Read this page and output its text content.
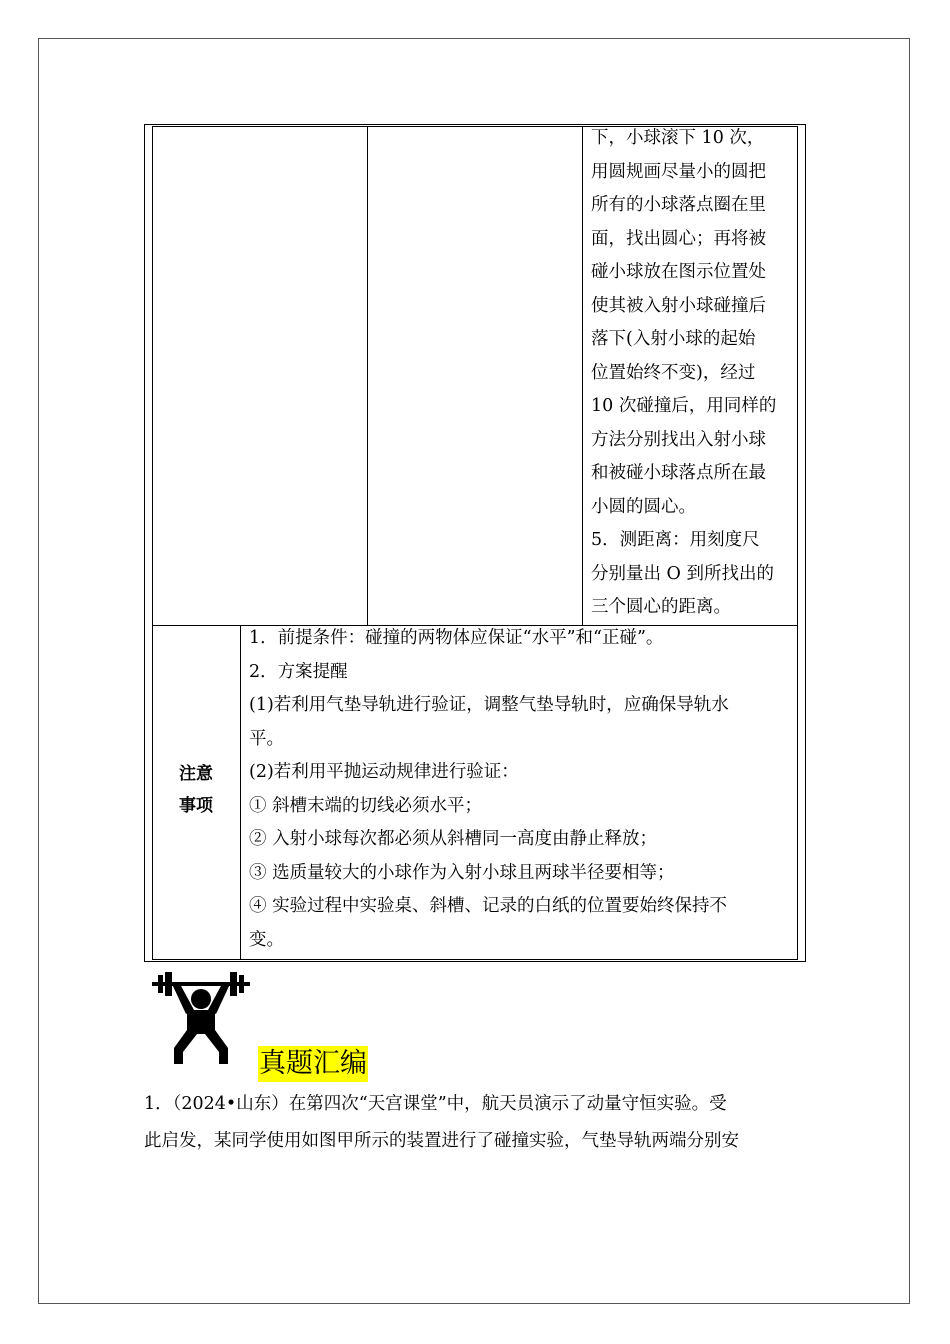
下，小球滚下 10 次，

用圆规画尽量小的圆把

所有的小球落点圈在里

面，找出圆心；再将被

碰小球放在图示位置处

使其被入射小球碰撞后

落下(入射小球的起始

位置始终不变)，经过

10 次碰撞后，用同样的

方法分别找出入射小球

和被碰小球落点所在最

小圆的圆心。

5．测距离：用刻度尺

分别量出 O 到所找出的

三个圆心的距离。

注意
事项

1．前提条件：碰撞的两物体应保证“水平”和“正碰”。

2．方案提醒

(1)若利用气垫导轨进行验证，调整气垫导轨时，应确保导轨水

平。

(2)若利用平抛运动规律进行验证：

① 斜槽末端的切线必须水平；

② 入射小球每次都必须从斜槽同一高度由静止释放；

③ 选质量较大的小球作为入射小球且两球半径要相等；

④ 实验过程中实验桌、斜槽、记录的白纸的位置要始终保持不

变。

真题汇编

1．（2024•山东）在第四次“天宫课堂”中，航天员演示了动量守恒实验。受

此启发，某同学使用如图甲所示的装置进行了碰撞实验，气垫导轨两端分别安
